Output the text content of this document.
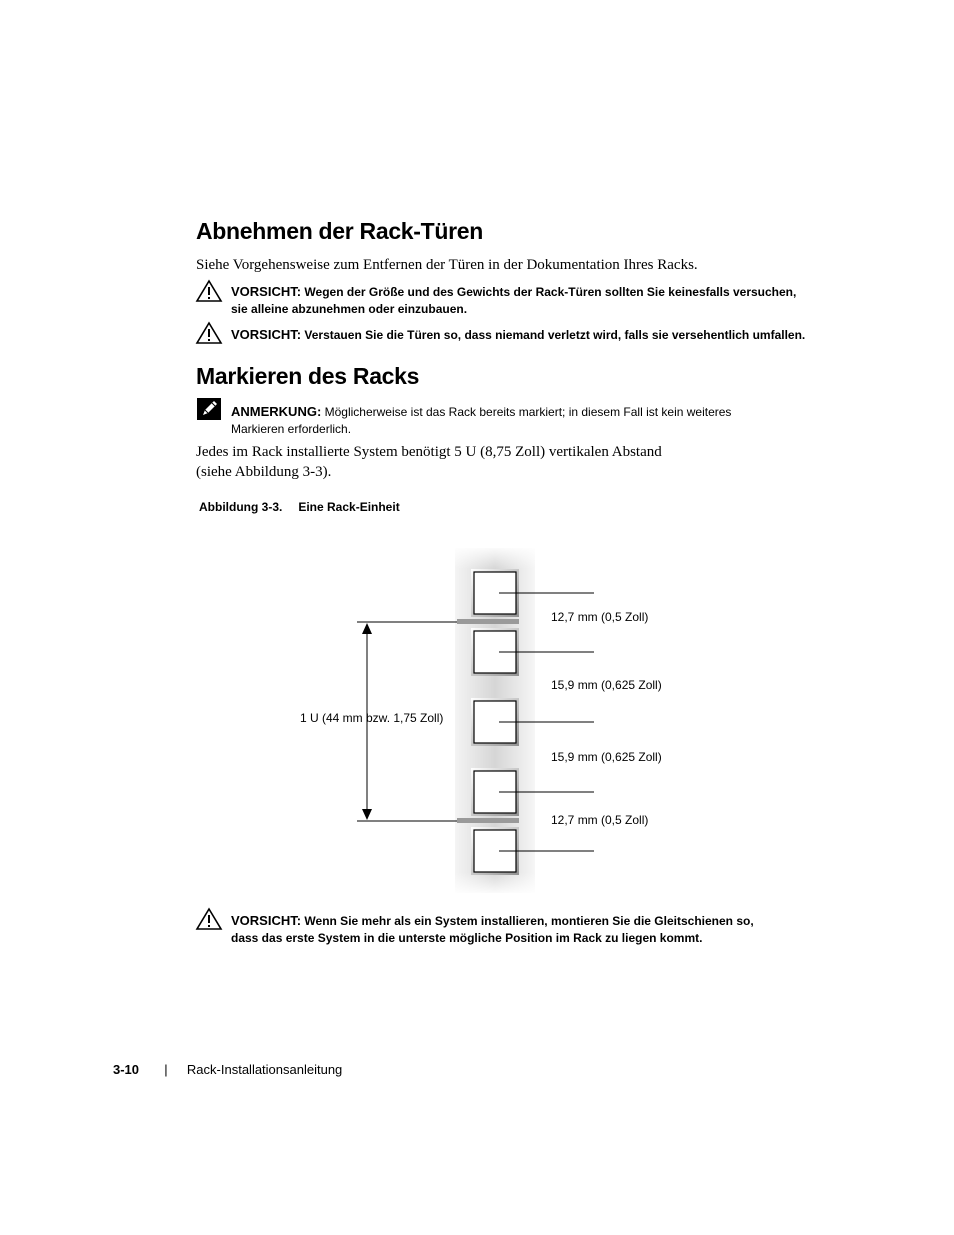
Abnehmen der Rack-Türen
Siehe Vorgehensweise zum Entfernen der Türen in der Dokumentation Ihres Racks.
VORSICHT: Wegen der Größe und des Gewichts der Rack-Türen sollten Sie keinesfalls versuchen,
sie alleine abzunehmen oder einzubauen.
VORSICHT: Verstauen Sie die Türen so, dass niemand verletzt wird, falls sie versehentlich umfallen.
Markieren des Racks
ANMERKUNG: Möglicherweise ist das Rack bereits markiert; in diesem Fall ist kein weiteres
Markieren erforderlich.
Jedes im Rack installierte System benötigt 5 U (8,75 Zoll) vertikalen Abstand
(siehe Abbildung 3-3).
Abbildung 3-3. Eine Rack-Einheit
1 U (44 mm bzw. 1,75 Zoll)
12,7 mm (0,5 Zoll)
15,9 mm (0,625 Zoll)
15,9 mm (0,625 Zoll)
12,7 mm (0,5 Zoll)
VORSICHT: Wenn Sie mehr als ein System installieren, montieren Sie die Gleitschienen so,
dass das erste System in die unterste mögliche Position im Rack zu liegen kommt.
3-10 | Rack-Installationsanleitung
